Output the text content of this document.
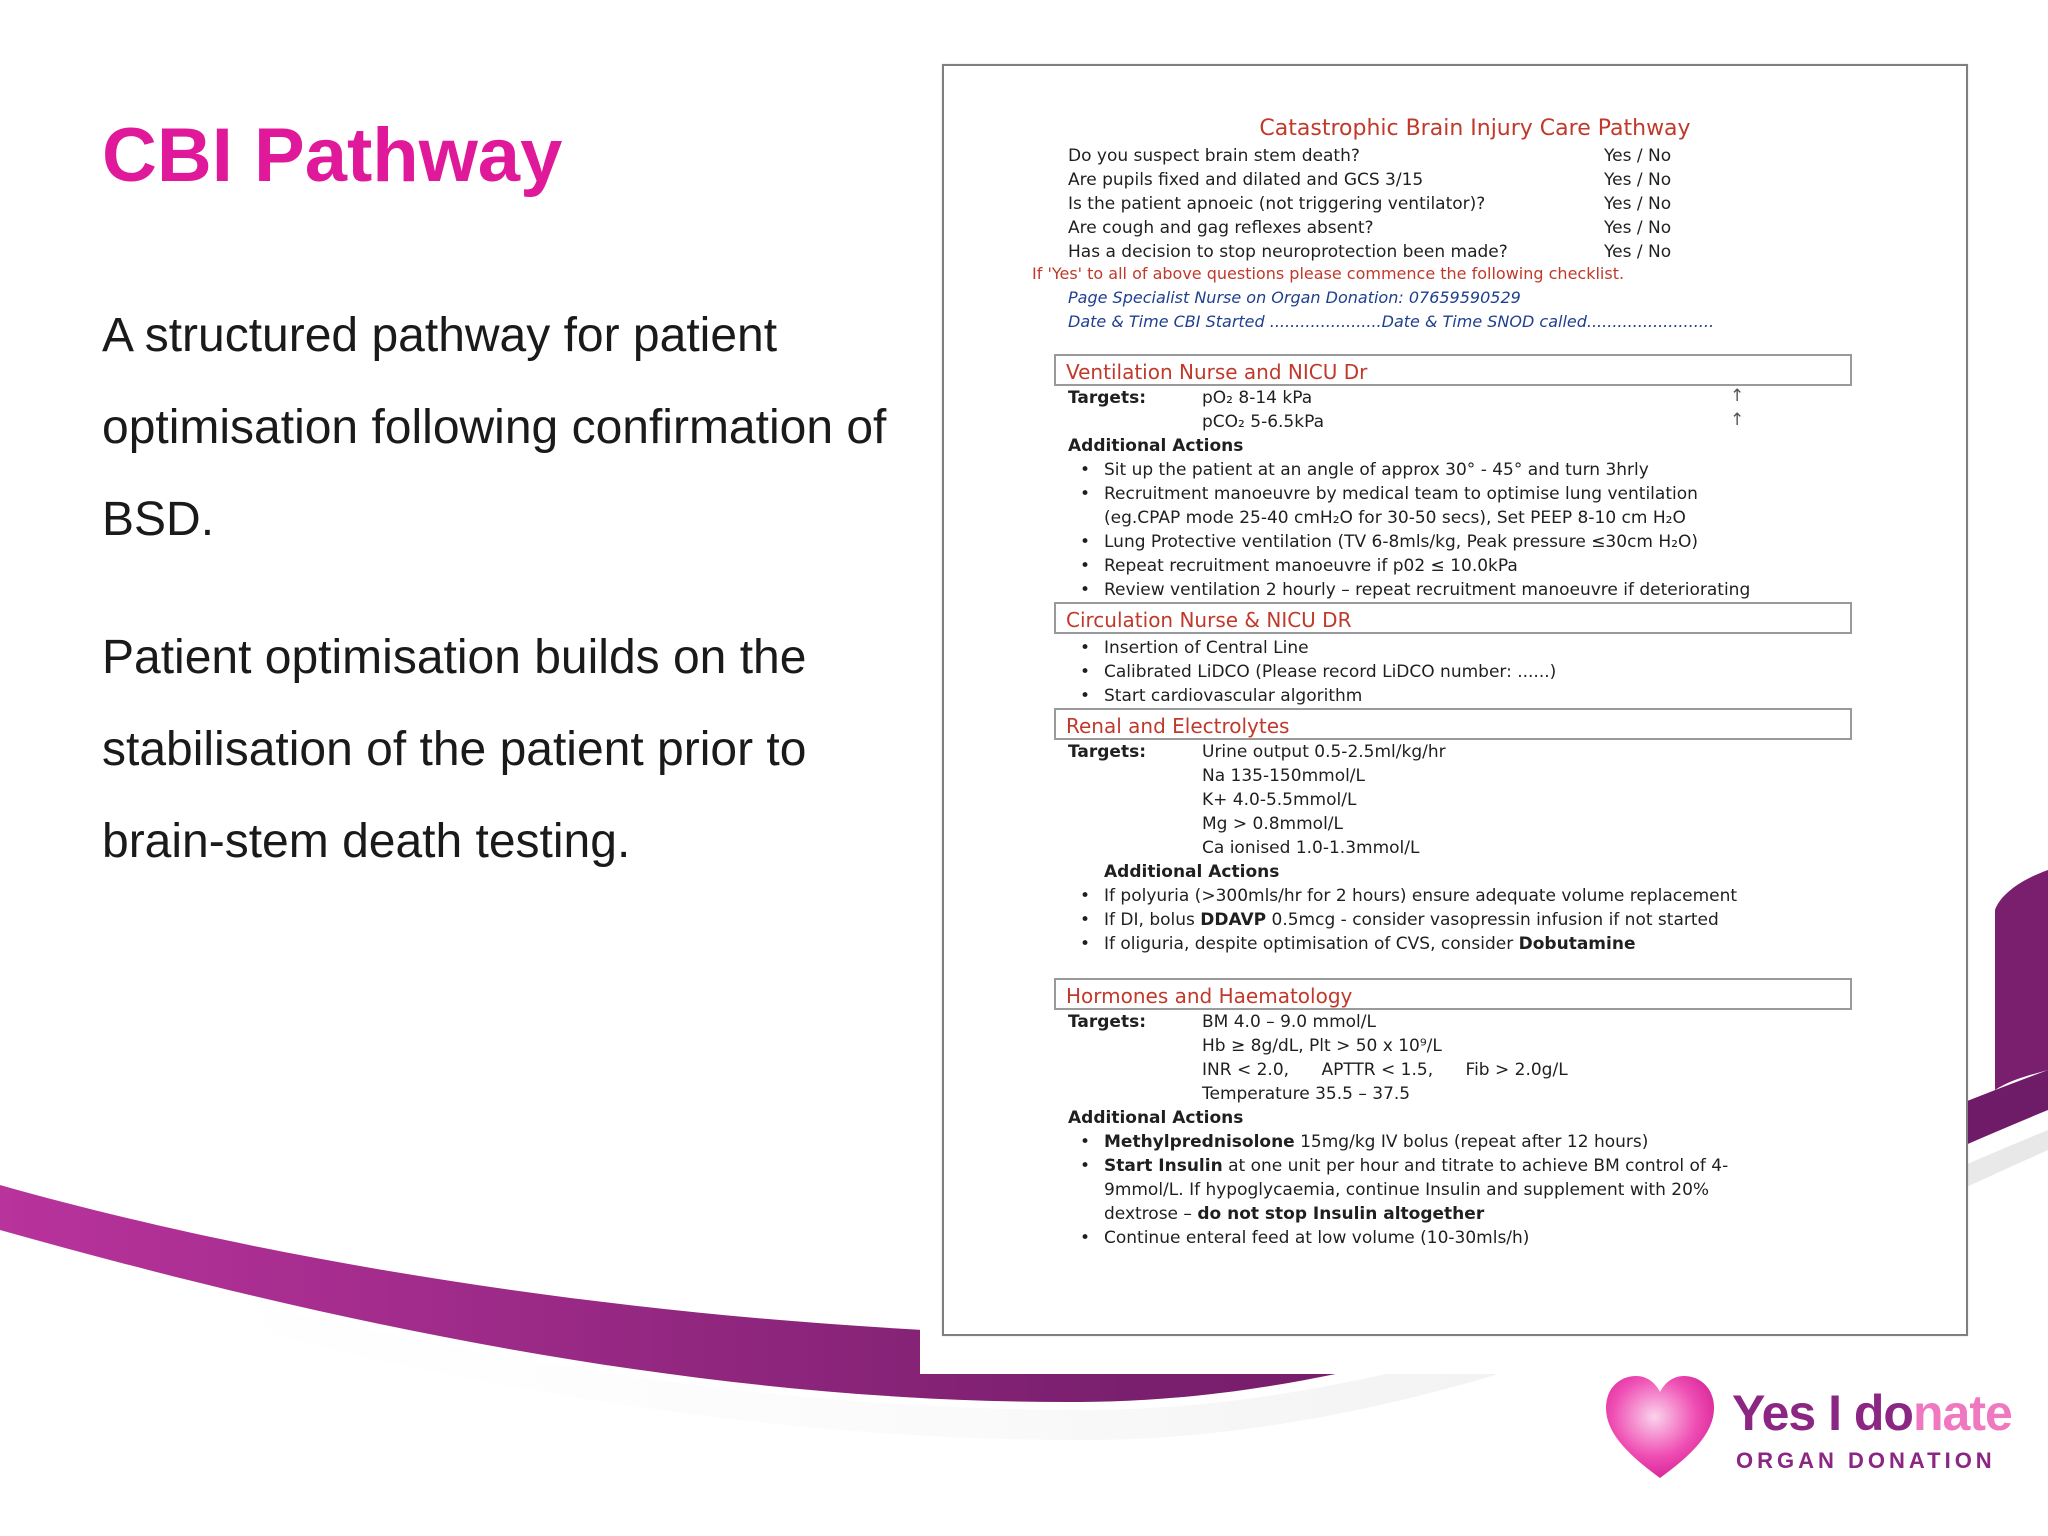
CBI Pathway

A structured pathway for patient optimisation following confirmation of BSD.

Patient optimisation builds on the stabilisation of the patient prior to brain-stem death testing.

Catastrophic Brain Injury Care Pathway
Do you suspect brain stem death?	Yes / No
Are pupils fixed and dilated and GCS 3/15	Yes / No
Is the patient apnoeic (not triggering ventilator)?	Yes / No
Are cough and gag reflexes absent?	Yes / No
Has a decision to stop neuroprotection been made?	Yes / No
If 'Yes' to all of above questions please commence the following checklist.
Page Specialist Nurse on Organ Donation: 07659590529
Date & Time CBI Started ......................Date & Time SNOD called.........................
Ventilation Nurse and NICU Dr
Targets:	pO₂ 8-14 kPa	↑
pCO₂ 5-6.5kPa	↑
Additional Actions
• Sit up the patient at an angle of approx 30° - 45° and turn 3hrly
• Recruitment manoeuvre by medical team to optimise lung ventilation
(eg.CPAP mode 25-40 cmH₂O for 30-50 secs), Set PEEP 8-10 cm H₂O
• Lung Protective ventilation (TV 6-8mls/kg, Peak pressure ≤30cm H₂O)
• Repeat recruitment manoeuvre if p02 ≤ 10.0kPa
• Review ventilation 2 hourly – repeat recruitment manoeuvre if deteriorating
Circulation Nurse & NICU DR
• Insertion of Central Line
• Calibrated LiDCO (Please record LiDCO number: ......)
• Start cardiovascular algorithm
Renal and Electrolytes
Targets:	Urine output 0.5-2.5ml/kg/hr
Na 135-150mmol/L
K+ 4.0-5.5mmol/L
Mg > 0.8mmol/L
Ca ionised 1.0-1.3mmol/L
Additional Actions
• If polyuria (>300mls/hr for 2 hours) ensure adequate volume replacement
• If DI, bolus DDAVP 0.5mcg - consider vasopressin infusion if not started
• If oliguria, despite optimisation of CVS, consider Dobutamine
Hormones and Haematology
Targets:	BM 4.0 – 9.0 mmol/L
Hb ≥ 8g/dL, Plt > 50 x 10⁹/L
INR < 2.0,      APTTR < 1.5,      Fib > 2.0g/L
Temperature 35.5 – 37.5
Additional Actions
• Methylprednisolone 15mg/kg IV bolus (repeat after 12 hours)
• Start Insulin at one unit per hour and titrate to achieve BM control of 4-
9mmol/L. If hypoglycaemia, continue Insulin and supplement with 20%
dextrose – do not stop Insulin altogether
• Continue enteral feed at low volume (10-30mls/h)
Yes I donate
ORGAN DONATION
